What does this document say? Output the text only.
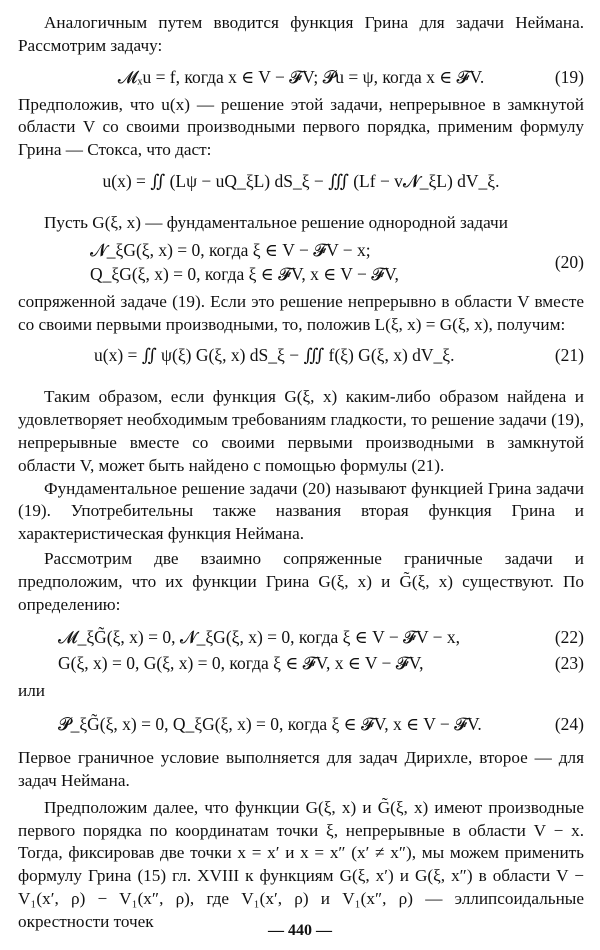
Аналогичным путем вводится функция Грина для задачи Неймана. Рассмотрим задачу:

𝓜ₓu = f, когда x ∈ V − 𝓕V; 𝓟u = ψ, когда x ∈ 𝓕V.	(19)

Предположив, что u(x) — решение этой задачи, непрерывное в замкнутой области V со своими производными первого порядка, применим формулу Грина — Стокса, что даст:

u(x) = ∬ (Lψ − uQ_ξL) dS_ξ − ∭ (Lf − v𝓝_ξL) dV_ξ.

Пусть G(ξ, x) — фундаментальное решение однородной задачи

𝓝_ξG(ξ, x) = 0, когда ξ ∈ V − 𝓕V − x;
Q_ξG(ξ, x) = 0, когда ξ ∈ 𝓕V, x ∈ V − 𝓕V,
(20)

сопряженной задаче (19). Если это решение непрерывно в области V вместе со своими первыми производными, то, положив L(ξ, x) = G(ξ, x), получим:

u(x) = ∬ ψ(ξ) G(ξ, x) dS_ξ − ∭ f(ξ) G(ξ, x) dV_ξ.	(21)

Таким образом, если функция G(ξ, x) каким-либо образом найдена и удовлетворяет необходимым требованиям гладкости, то решение задачи (19), непрерывные вместе со своими первыми производными в замкнутой области V, может быть найдено с помощью формулы (21).

Фундаментальное решение задачи (20) называют функцией Грина задачи (19). Употребительны также названия вторая функция Грина и характеристическая функция Неймана.

Рассмотрим две взаимно сопряженные граничные задачи и предположим, что их функции Грина G(ξ, x) и G̃(ξ, x) существуют. По определению:

𝓜_ξG̃(ξ, x) = 0, 𝓝_ξG(ξ, x) = 0, когда ξ ∈ V − 𝓕V − x,	(22)
G(ξ, x) = 0, G(ξ, x) = 0, когда ξ ∈ 𝓕V, x ∈ V − 𝓕V,	(23)

или

𝓟_ξG̃(ξ, x) = 0, Q_ξG(ξ, x) = 0, когда ξ ∈ 𝓕V, x ∈ V − 𝓕V.	(24)

Первое граничное условие выполняется для задач Дирихле, второе — для задач Неймана.

Предположим далее, что функции G(ξ, x) и G̃(ξ, x) имеют производные первого порядка по координатам точки ξ, непрерывные в области V − x. Тогда, фиксировав две точки x = x′ и x = x″ (x′ ≠ x″), мы можем применить формулу Грина (15) гл. XVIII к функциям G(ξ, x′) и G(ξ, x″) в области V − V₁(x′, ρ) − V₁(x″, ρ), где V₁(x′, ρ) и V₁(x″, ρ) — эллипсоидальные окрестности точек	— 440 —
